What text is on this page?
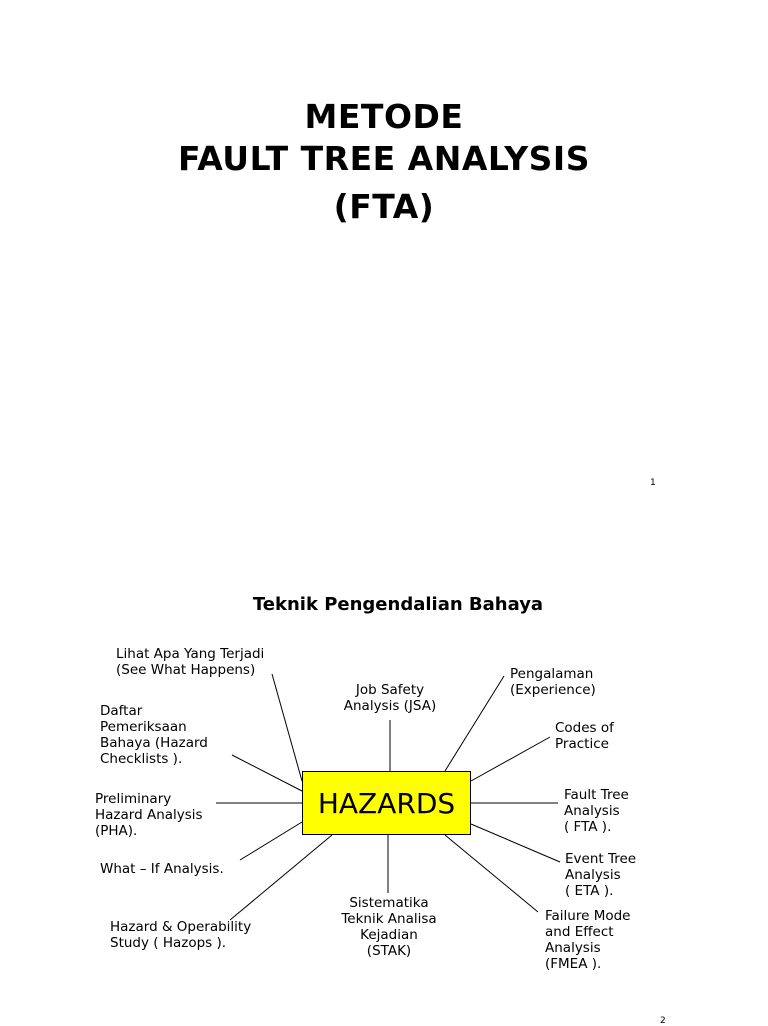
METODE
FAULT TREE ANALYSIS
(FTA)
1
Teknik Pengendalian Bahaya
HAZARDS
Lihat Apa Yang Terjadi
(See What Happens)
Job Safety
Analysis (JSA)
Pengalaman
(Experience)
Daftar
Pemeriksaan
Bahaya (Hazard
Checklists ).
Codes of
Practice
Preliminary
Hazard Analysis
(PHA).
Fault Tree
Analysis
( FTA ).
What – If Analysis.
Event Tree
Analysis
( ETA ).
Hazard & Operability
Study ( Hazops ).
Sistematika
Teknik Analisa
Kejadian
(STAK)
Failure Mode
and Effect
Analysis
(FMEA ).
2
